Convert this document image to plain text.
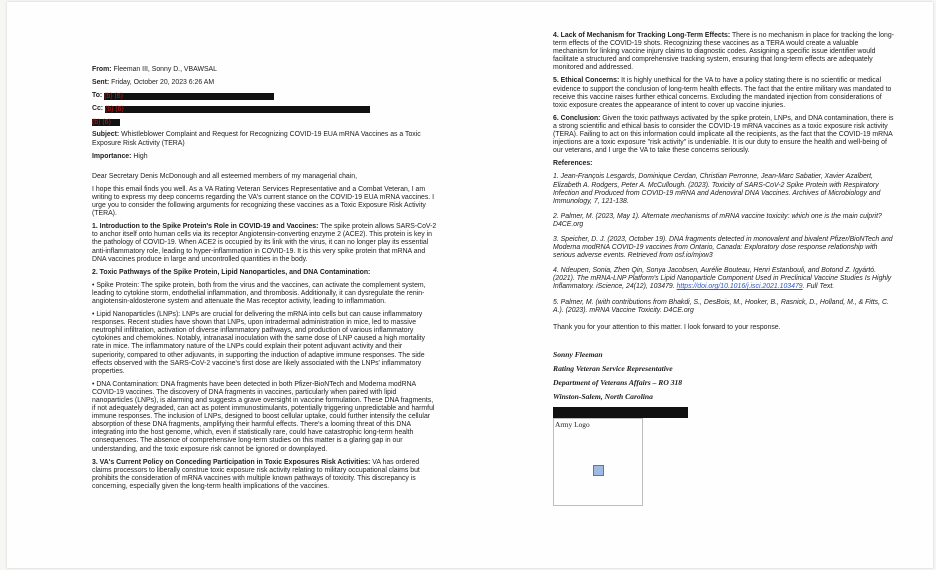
From: Fleeman III, Sonny D., VBAWSAL

Sent: Friday, October 20, 2023 6:26 AM

To: (b) (6)

Cc: (b) (6)

(b) (6)

Subject: Whistleblower Complaint and Request for Recognizing COVID-19 EUA mRNA Vaccines as a Toxic Exposure Risk Activity (TERA)

Importance: High

Dear Secretary Denis McDonough and all esteemed members of my managerial chain,

I hope this email finds you well. As a VA Rating Veteran Services Representative and a Combat Veteran, I am writing to express my deep concerns regarding the VA's current stance on the COVID-19 EUA mRNA vaccines. I urge you to consider the following arguments for recognizing these vaccines as a Toxic Exposure Risk Activity (TERA).

1. Introduction to the Spike Protein's Role in COVID-19 and Vaccines: The spike protein allows SARS-CoV-2 to anchor itself onto human cells via its receptor Angiotensin-converting enzyme 2 (ACE2). This protein is key in the pathology of COVID-19. When ACE2 is occupied by its link with the virus, it can no longer play its essential anti-inflammatory role, leading to hyper-inflammation in COVID-19. It is this very spike protein that mRNA and DNA vaccines produce in large and uncontrolled quantities in the body.

2. Toxic Pathways of the Spike Protein, Lipid Nanoparticles, and DNA Contamination:

• Spike Protein: The spike protein, both from the virus and the vaccines, can activate the complement system, leading to cytokine storm, endothelial inflammation, and thrombosis. Additionally, it can dysregulate the renin-angiotensin-aldosterone system and attenuate the Mas receptor activity, leading to inflammation.

• Lipid Nanoparticles (LNPs): LNPs are crucial for delivering the mRNA into cells but can cause inflammatory responses. Recent studies have shown that LNPs, upon intradermal administration in mice, led to massive neutrophil infiltration, activation of diverse inflammatory pathways, and production of various inflammatory cytokines and chemokines. Notably, intranasal inoculation with the same dose of LNP caused a high mortality rate in mice. The inflammatory nature of the LNPs could explain their potent adjuvant activity and their superiority, compared to other adjuvants, in supporting the induction of adaptive immune responses. The side effects observed with the SARS-CoV-2 vaccine's first dose are likely associated with the LNPs' inflammatory properties.

• DNA Contamination: DNA fragments have been detected in both Pfizer-BioNTech and Moderna modRNA COVID-19 vaccines. The discovery of DNA fragments in vaccines, particularly when paired with lipid nanoparticles (LNPs), is alarming and suggests a grave oversight in vaccine formulation. These DNA fragments, if not adequately degraded, can act as potent immunostimulants, potentially triggering unpredictable and harmful immune responses. The inclusion of LNPs, designed to boost cellular uptake, could further intensify the cellular absorption of these DNA fragments, amplifying their harmful effects. There's a looming threat of this DNA integrating into the host genome, which, even if statistically rare, could have catastrophic long-term health consequences. The absence of comprehensive long-term studies on this matter is a glaring gap in our understanding, and the toxic exposure risk cannot be ignored or downplayed.

3. VA's Current Policy on Conceding Participation in Toxic Exposures Risk Activities: VA has ordered claims processors to liberally construe toxic exposure risk activity relating to military occupational claims but prohibits the consideration of mRNA vaccines with multiple known pathways of toxicity. This discrepancy is concerning, especially given the long-term health implications of the vaccines.

4. Lack of Mechanism for Tracking Long-Term Effects: There is no mechanism in place for tracking the long-term effects of the COVID-19 shots. Recognizing these vaccines as a TERA would create a valuable mechanism for linking vaccine injury claims to diagnostic codes. Assigning a specific issue identifier would facilitate a structured and comprehensive tracking system, ensuring that long-term effects are adequately monitored and addressed.

5. Ethical Concerns: It is highly unethical for the VA to have a policy stating there is no scientific or medical evidence to support the conclusion of long-term health effects. The fact that the entire military was mandated to receive this vaccine raises further ethical concerns. Excluding the mandated injection from considerations of toxic exposure creates the appearance of intent to cover up vaccine injuries.

6. Conclusion: Given the toxic pathways activated by the spike protein, LNPs, and DNA contamination, there is a strong scientific and ethical basis to consider the COVID-19 mRNA vaccines as a toxic exposure risk activity (TERA). Failing to act on this information could implicate all the recipients, as the fact that the COVID-19 mRNA injections are a toxic exposure "risk activity" is undeniable. It is our duty to ensure the health and well-being of our veterans, and I urge the VA to take these concerns seriously.

References:

1. Jean-François Lesgards, Dominique Cerdan, Christian Perronne, Jean-Marc Sabatier, Xavier Azalbert, Elizabeth A. Rodgers, Peter A. McCullough. (2023). Toxicity of SARS-CoV-2 Spike Protein with Respiratory Infection and Produced from COVID-19 mRNA and Adenoviral DNA Vaccines. Archives of Microbiology and Immunology, 7, 121-138.

2. Palmer, M. (2023, May 1). Alternate mechanisms of mRNA vaccine toxicity: which one is the main culprit? D4CE.org

3. Speicher, D. J. (2023, October 19). DNA fragments detected in monovalent and bivalent Pfizer/BioNTech and Moderna modRNA COVID-19 vaccines from Ontario, Canada: Exploratory dose response relationship with serious adverse events. Retrieved from osf.io/mjxw3

4. Ndeupen, Sonia, Zhen Qin, Sonya Jacobsen, Aurélie Bouteau, Henri Estanbouli, and Botond Z. Igyártó. (2021). The mRNA-LNP Platform's Lipid Nanoparticle Component Used in Preclinical Vaccine Studies Is Highly Inflammatory. iScience, 24(12), 103479. https://doi.org/10.1016/j.isci.2021.103479. Full Text.

5. Palmer, M. (with contributions from Bhakdi, S., DesBois, M., Hooker, B., Rasnick, D., Holland, M., & Fitts, C. A.). (2023). mRNA Vaccine Toxicity. D4CE.org

Thank you for your attention to this matter. I look forward to your response.

Sonny Fleeman

Rating Veteran Service Representative

Department of Veterans Affairs – RO 318

Winston-Salem, North Carolina

Army Logo
